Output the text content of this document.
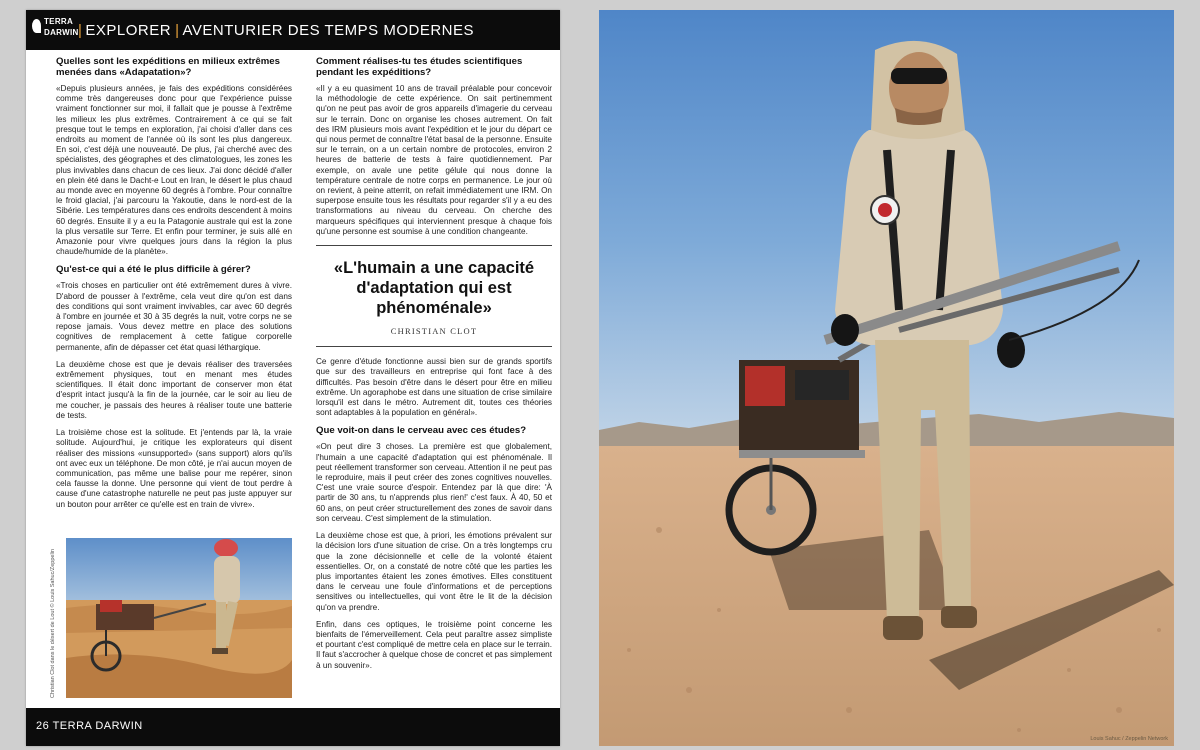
TERRA
DARWIN | EXPLORER | AVENTURIER DES TEMPS MODERNES
Quelles sont les expéditions en milieux extrêmes menées dans «Adapatation»?

«Depuis plusieurs années, je fais des expéditions considérées comme très dangereuses donc pour que l'expérience puisse vraiment fonctionner sur moi, il fallait que je pousse à l'extrême les milieux les plus extrêmes. Contrairement à ce qui se fait presque tout le temps en exploration, j'ai choisi d'aller dans ces endroits au moment de l'année où ils sont les plus dangereux. En soi, c'est déjà une nouveauté. De plus, j'ai cherché avec des spécialistes, des géographes et des climatologues, les zones les plus invivables dans chacun de ces lieux. J'ai donc décidé d'aller en plein été dans le Dacht-e Lout en Iran, le désert le plus chaud au monde avec en moyenne 60 degrés à l'ombre. Pour connaître le froid glacial, j'ai parcouru la Yakoutie, dans le nord-est de la Sibérie. Les températures dans ces endroits descendent à moins 60 degrés. Ensuite il y a eu la Patagonie australe qui est la zone la plus versatile sur Terre. Et enfin pour terminer, je suis allé en Amazonie pour vivre quelques jours dans la région la plus chaude/humide de la planète».

Qu'est-ce qui a été le plus difficile à gérer?

«Trois choses en particulier ont été extrêmement dures à vivre. D'abord de pousser à l'extrême, cela veut dire qu'on est dans des conditions qui sont vraiment invivables, car avec 60 degrés à l'ombre en journée et 30 à 35 degrés la nuit, votre corps ne se repose jamais. Vous devez mettre en place des solutions cognitives de remplacement à cette fatigue corporelle permanente, afin de dépasser cet état quasi léthargique.

La deuxième chose est que je devais réaliser des traversées extrêmement physiques, tout en menant mes études scientifiques. Il était donc important de conserver mon état d'esprit intact jusqu'à la fin de la journée, car le soir au lieu de me coucher, je passais des heures à réaliser toute une batterie de tests.

La troisième chose est la solitude. Et j'entends par là, la vraie solitude. Aujourd'hui, je critique les explorateurs qui disent réaliser des missions «unsupported» (sans support) alors qu'ils ont avec eux un téléphone. De mon côté, je n'ai aucun moyen de communication, pas même une balise pour me repérer, sinon cela fausse la donne. Une personne qui vient de tout perdre à cause d'une catastrophe naturelle ne peut pas juste appuyer sur un bouton pour arrêter ce qu'elle est en train de vivre».

Christian Clot dans le désert de Lout © Louis Sahuc/Zeppelin
Comment réalises-tu tes études scientifiques pendant les expéditions?

«Il y a eu quasiment 10 ans de travail préalable pour concevoir la méthodologie de cette expérience. On sait pertinemment qu'on ne peut pas avoir de gros appareils d'imagerie du cerveau sur le terrain. Donc on organise les choses autrement. On fait des IRM plusieurs mois avant l'expédition et le jour du départ ce qui nous permet de connaître l'état basal de la personne. Ensuite sur le terrain, on a un certain nombre de protocoles, environ 2 heures de batterie de tests à faire quotidiennement. Par exemple, on avale une petite gélule qui nous donne la température centrale de notre corps en permanence. Le jour où on revient, à peine atterrit, on refait immédiatement une IRM. On superpose ensuite tous les résultats pour regarder s'il y a eu des transformations au niveau du cerveau. On cherche des marqueurs spécifiques qui interviennent presque à chaque fois qu'une personne est soumise à une condition changeante.

«L'humain a une capacité d'adaptation qui est phénoménale»
CHRISTIAN CLOT

Ce genre d'étude fonctionne aussi bien sur de grands sportifs que sur des travailleurs en entreprise qui font face à des difficultés. Pas besoin d'être dans le désert pour être en milieu extrême. Un agoraphobe est dans une situation de crise similaire lorsqu'il est dans le métro. Autrement dit, toutes ces théories sont adaptables à la population en général».

Que voit-on dans le cerveau avec ces études?

«On peut dire 3 choses. La première est que globalement, l'humain a une capacité d'adaptation qui est phénoménale. Il peut réellement transformer son cerveau. Attention il ne peut pas le reproduire, mais il peut créer des zones cognitives nouvelles. C'est une vraie source d'espoir. Entendez par là que dire: 'À partir de 30 ans, tu n'apprends plus rien!' c'est faux. À 40, 50 et 60 ans, on peut créer structurellement des zones de savoir dans son cerveau. C'est simplement de la stimulation.

La deuxième chose est que, à priori, les émotions prévalent sur la décision lors d'une situation de crise. On a très longtemps cru que la zone décisionnelle et celle de la volonté étaient essentielles. Or, on a constaté de notre côté que les parties les plus importantes étaient les zones émotives. Elles constituent dans le cerveau une foule d'informations et de perceptions sensitives ou intellectuelles, qui vont être le lit de la décision qu'on va prendre.

Enfin, dans ces optiques, le troisième point concerne les bienfaits de l'émerveillement. Cela peut paraître assez simpliste et pourtant c'est compliqué de mettre cela en place sur le terrain. Il faut s'accrocher à quelque chose de concret et pas simplement à un souvenir».

26 TERRA DARWIN
Louis Sahuc / Zeppelin Network
